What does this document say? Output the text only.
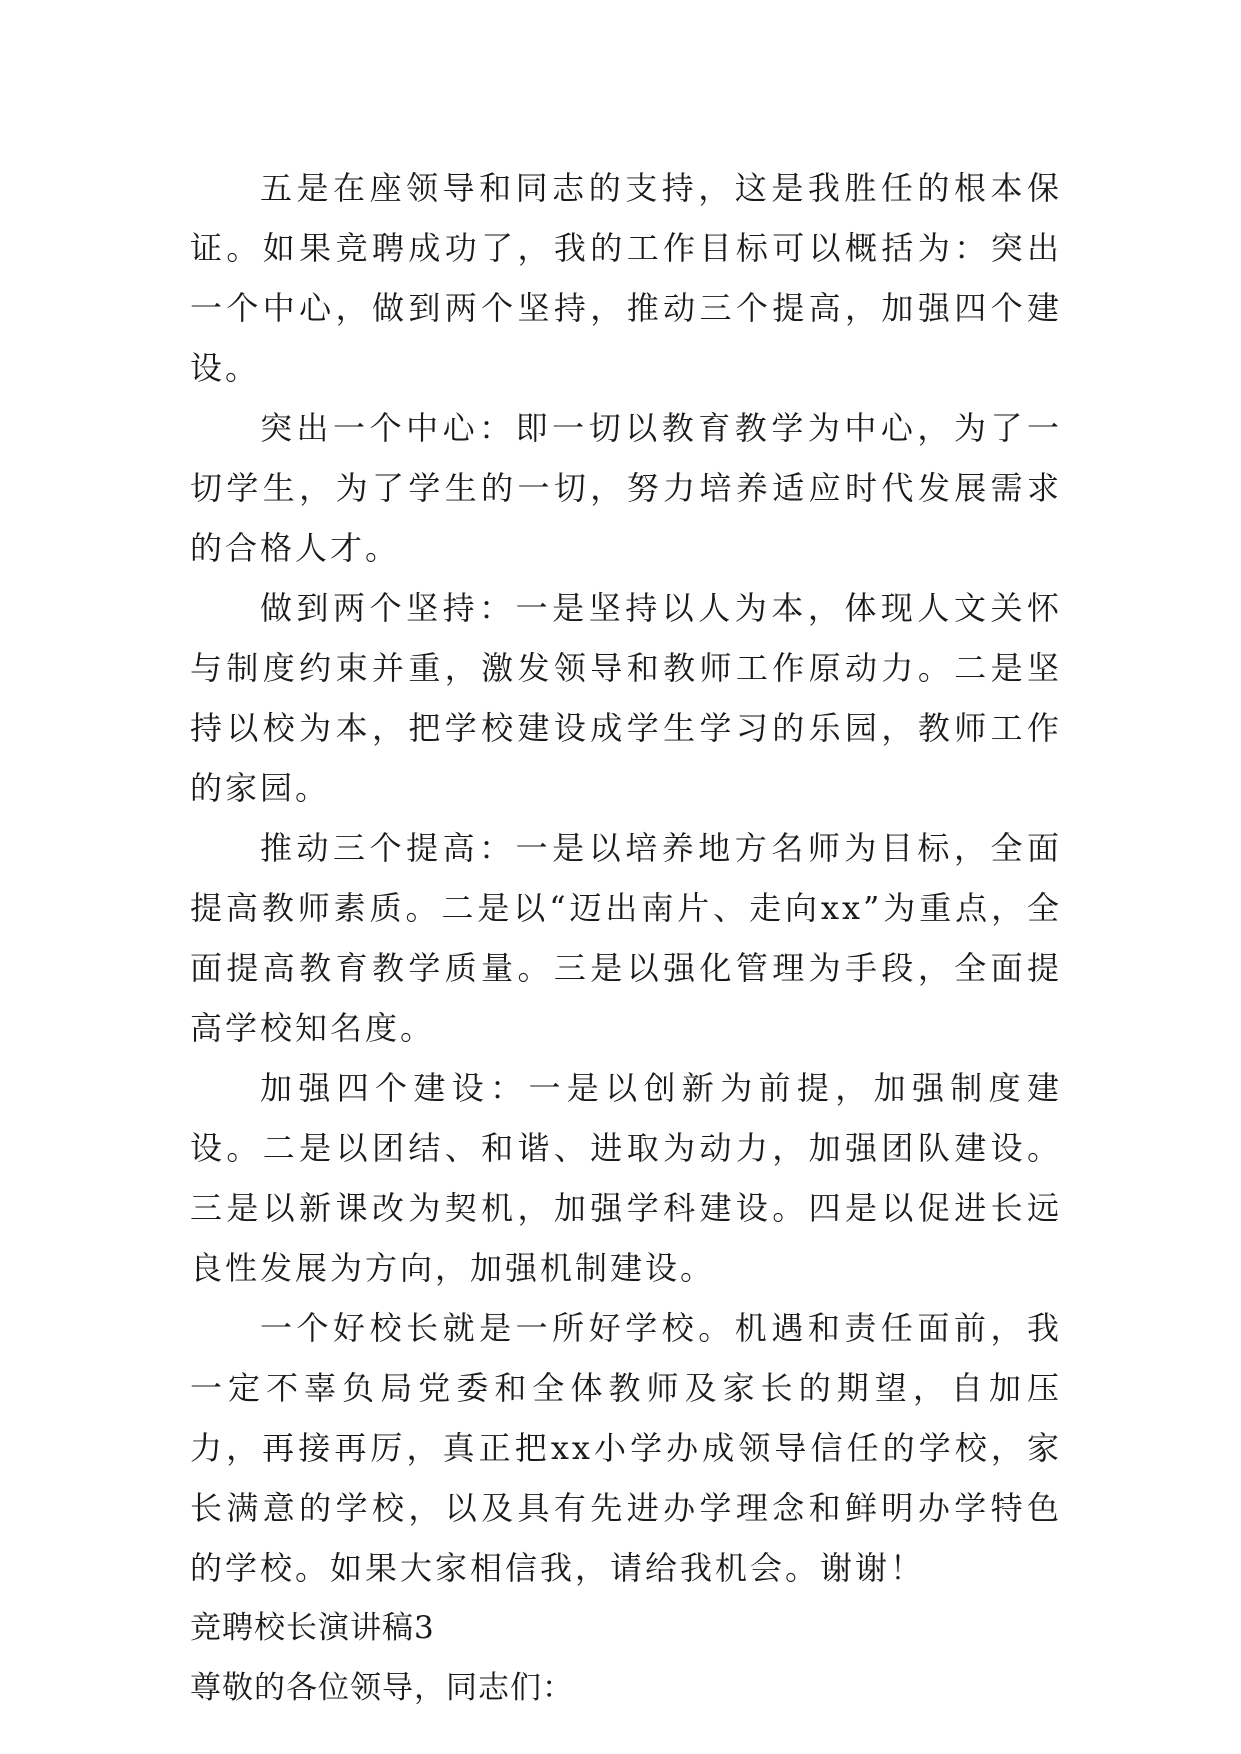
五是在座领导和同志的支持，这是我胜任的根本保证。如果竞聘成功了，我的工作目标可以概括为：突出一个中心，做到两个坚持，推动三个提高，加强四个建设。

突出一个中心：即一切以教育教学为中心，为了一切学生，为了学生的一切，努力培养适应时代发展需求的合格人才。

做到两个坚持：一是坚持以人为本，体现人文关怀与制度约束并重，激发领导和教师工作原动力。二是坚持以校为本，把学校建设成学生学习的乐园，教师工作的家园。

推动三个提高：一是以培养地方名师为目标，全面提高教师素质。二是以“迈出南片、走向xx”为重点，全面提高教育教学质量。三是以强化管理为手段，全面提高学校知名度。

加强四个建设：一是以创新为前提，加强制度建设。二是以团结、和谐、进取为动力，加强团队建设。三是以新课改为契机，加强学科建设。四是以促进长远良性发展为方向，加强机制建设。

一个好校长就是一所好学校。机遇和责任面前，我一定不辜负局党委和全体教师及家长的期望，自加压力，再接再厉，真正把xx小学办成领导信任的学校，家长满意的学校，以及具有先进办学理念和鲜明办学特色的学校。如果大家相信我，请给我机会。谢谢！

竞聘校长演讲稿3

尊敬的各位领导，同志们：
